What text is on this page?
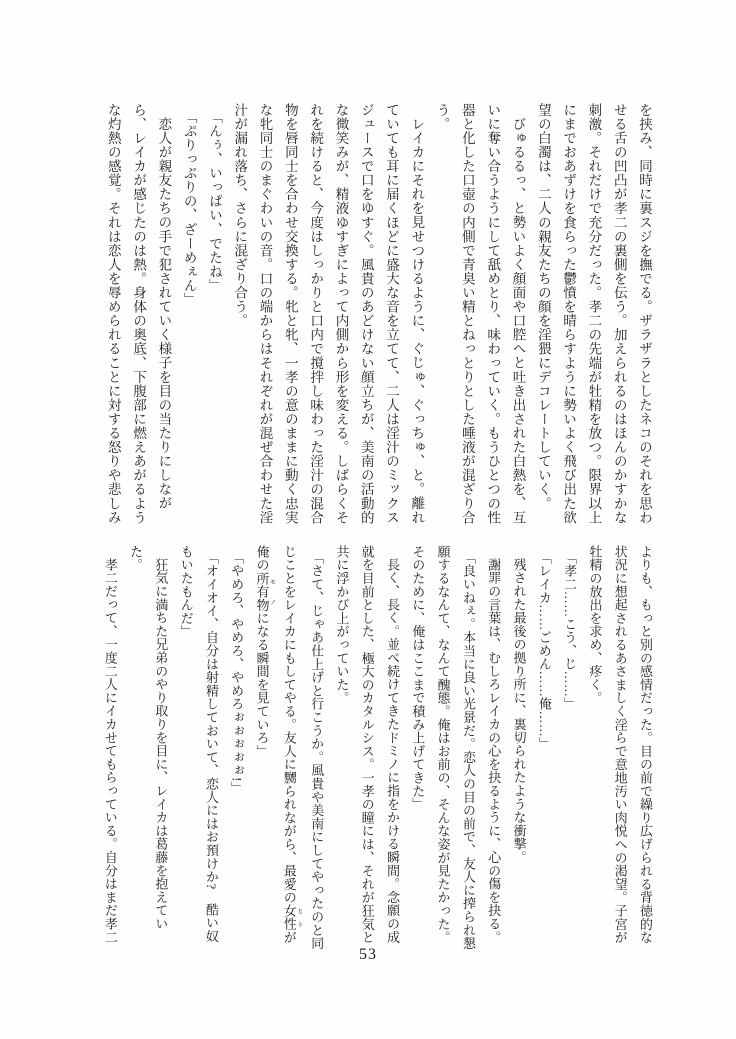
を挟み、同時に裏スジを撫でる。ザラザラとしたネコのそれを思わ

せる舌の凹凸が孝二の裏側を伝う。加えられるのはほんのかすかな

刺激。それだけで充分だった。孝二の先端が牡精を放つ。限界以上

にまでおあずけを食らった鬱憤を晴らすように勢いよく飛び出た欲

望の白濁は、二人の親友たちの顔を淫猥にデコレートしていく。

びゅるるっ、と勢いよく顔面や口腔へと吐き出された白熱を、互

いに奪い合うようにして舐めとり、味わっていく。もうひとつの性

器と化した口壺の内側で青臭い精とねっとりとした唾液が混ざり合

う。

レイカにそれを見せつけるように、ぐじゅ、ぐっちゅ、と。離れ

ていても耳に届くほどに盛大な音を立てて、二人は淫汁のミックス

ジュースで口をゆすぐ。風貴のあどけない顔立ちが、美南の活動的

な微笑みが、精液ゆすぎによって内側から形を変える。しばらくそ

れを続けると、今度はしっかりと口内で撹拌し味わった淫汁の混合

物を唇同士を合わせ交換する。牝と牝、一孝の意のままに動く忠実

な牝同士のまぐわいの音。口の端からはそれぞれが混ぜ合わせた淫

汁が漏れ落ち、さらに混ざり合う。

「んぅ、いっぱい、でたね」

「ぷりっぷりの、ざーめぇん」

恋人が親友たちの手で犯されていく様子を目の当たりにしなが

ら、レイカが感じたのは熱。身体の奥底、下腹部に燃えあがるよう

な灼熱の感覚。それは恋人を辱められることに対する怒りや悲しみ

よりも、もっと別の感情だった。目の前で繰り広げられる背徳的な

状況に想起されるあさましく淫らで意地汚い肉悦への渇望。子宮が

牡精の放出を求め、疼く。

「孝二……こう、じ……」

「レイカ……ごめん……俺……」

残された最後の拠り所に、裏切られたような衝撃。

謝罪の言葉は、むしろレイカの心を抉るように、心の傷を抉る。

「良いねぇ。本当に良い光景だ。恋人の目の前で、友人に搾られ懇

願するなんて、なんて醜態。俺はお前の、そんな姿が見たかった。

そのために、俺はここまで積み上げてきた」

長く、長く。並べ続けてきたドミノに指をかける瞬間。念願の成

就を目前とした、極大のカタルシス。一孝の瞳には、それが狂気と

共に浮かび上がっていた。

「さて、じゃあ仕上げと行こうか。風貴や美南にしてやったのと同

じことをレイカにもしてやる。友人に嬲られながら、最愛の女性 ヒトが

俺の所有物 モノになる瞬間を見ていろ」

「やめろ、やめろ、やめろぉぉぉぉぉ!」

「オイオイ、自分は射精しておいて、恋人にはお預けか?　酷い奴

もいたもんだ」

狂気に満ちた兄弟のやり取りを目に、レイカは葛藤を抱えてい

た。

孝二だって、一度二人にイカせてもらっている。自分はまだ孝二

53
